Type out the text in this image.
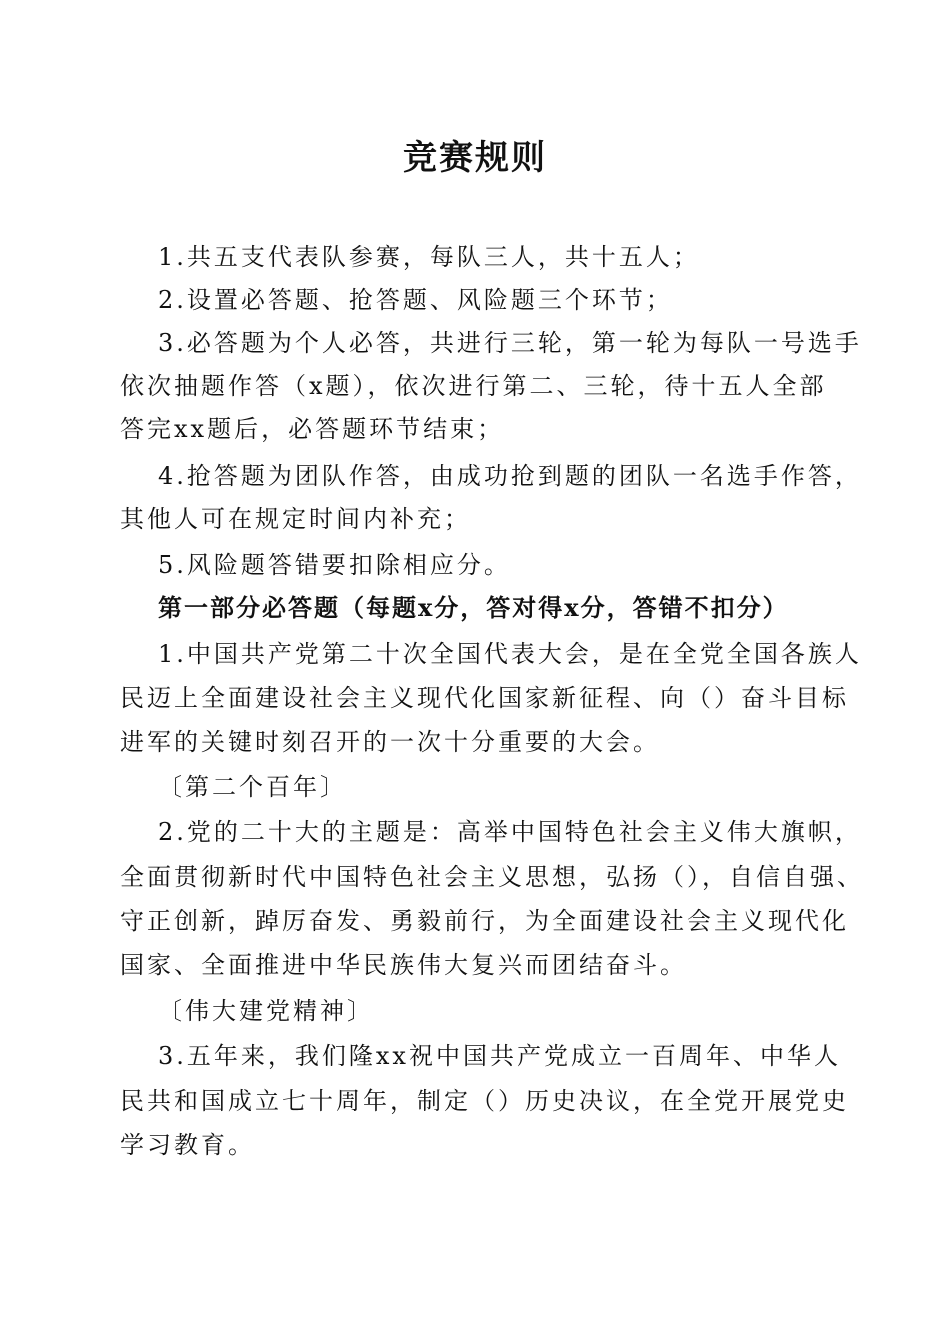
竞赛规则
1.共五支代表队参赛，每队三人，共十五人；
2.设置必答题、抢答题、风险题三个环节；
3.必答题为个人必答，共进行三轮，第一轮为每队一号选手
依次抽题作答（x题），依次进行第二、三轮，待十五人全部
答完xx题后，必答题环节结束；
4.抢答题为团队作答，由成功抢到题的团队一名选手作答，
其他人可在规定时间内补充；
5.风险题答错要扣除相应分。
第一部分必答题（每题x分，答对得x分，答错不扣分）
1.中国共产党第二十次全国代表大会，是在全党全国各族人
民迈上全面建设社会主义现代化国家新征程、向（）奋斗目标
进军的关键时刻召开的一次十分重要的大会。
〔第二个百年〕
2.党的二十大的主题是：高举中国特色社会主义伟大旗帜，
全面贯彻新时代中国特色社会主义思想，弘扬（），自信自强、
守正创新，踔厉奋发、勇毅前行，为全面建设社会主义现代化
国家、全面推进中华民族伟大复兴而团结奋斗。
〔伟大建党精神〕
3.五年来，我们隆xx祝中国共产党成立一百周年、中华人
民共和国成立七十周年，制定（）历史决议，在全党开展党史
学习教育。
